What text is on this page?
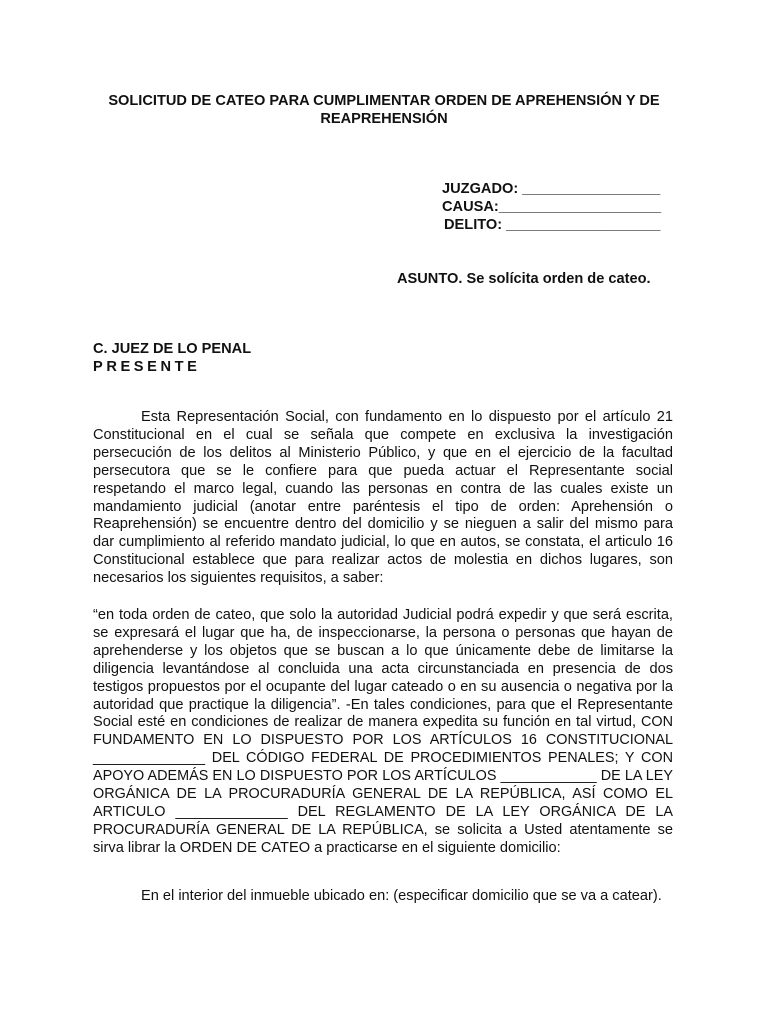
SOLICITUD DE CATEO PARA CUMPLIMENTAR ORDEN DE APREHENSIÓN Y DE REAPREHENSIÓN
JUZGADO: _________________
CAUSA:____________________
DELITO: ___________________
ASUNTO. Se solícita orden de cateo.
C. JUEZ DE LO PENAL
PRESENTE
Esta Representación Social, con fundamento en lo dispuesto por el artículo 21 Constitucional en el cual se señala que compete en exclusiva la investigación persecución de los delitos al Ministerio Público, y que en el ejercicio de la facultad persecutora que se le confiere para que pueda actuar el Representante social respetando el marco legal, cuando las personas en contra de las cuales existe un mandamiento judicial (anotar entre paréntesis el tipo de orden: Aprehensión o Reaprehensión) se encuentre dentro del domicilio y se nieguen a salir del mismo para dar cumplimiento al referido mandato judicial, lo que en autos, se constata, el articulo 16 Constitucional establece que para realizar actos de molestia en dichos lugares, son necesarios los siguientes requisitos, a saber:
“en toda orden de cateo, que solo la autoridad Judicial podrá expedir y que será escrita, se expresará el lugar que ha, de inspeccionarse, la persona o personas que hayan de aprehenderse y los objetos que se buscan a lo que únicamente debe de limitarse la diligencia levantándose al concluida una acta circunstanciada en presencia de dos testigos propuestos por el ocupante del lugar cateado o en su ausencia o negativa por la autoridad que practique la diligencia”. -En tales condiciones, para que el Representante Social esté en condiciones de realizar de manera expedita su función en tal virtud, CON FUNDAMENTO EN LO DISPUESTO POR LOS ARTÍCULOS 16 CONSTITUCIONAL ______________ DEL CÓDIGO FEDERAL DE PROCEDIMIENTOS PENALES; Y CON APOYO ADEMÁS EN LO DISPUESTO POR LOS ARTÍCULOS ____________ DE LA LEY ORGÁNICA DE LA PROCURADURÍA GENERAL DE LA REPÚBLICA, ASÍ COMO EL ARTICULO ______________ DEL REGLAMENTO DE LA LEY ORGÁNICA DE LA PROCURADURÍA GENERAL DE LA REPÚBLICA, se solicita a Usted atentamente se sirva librar la ORDEN DE CATEO a practicarse en el siguiente domicilio:
En el interior del inmueble ubicado en: (especificar domicilio que se va a catear).
